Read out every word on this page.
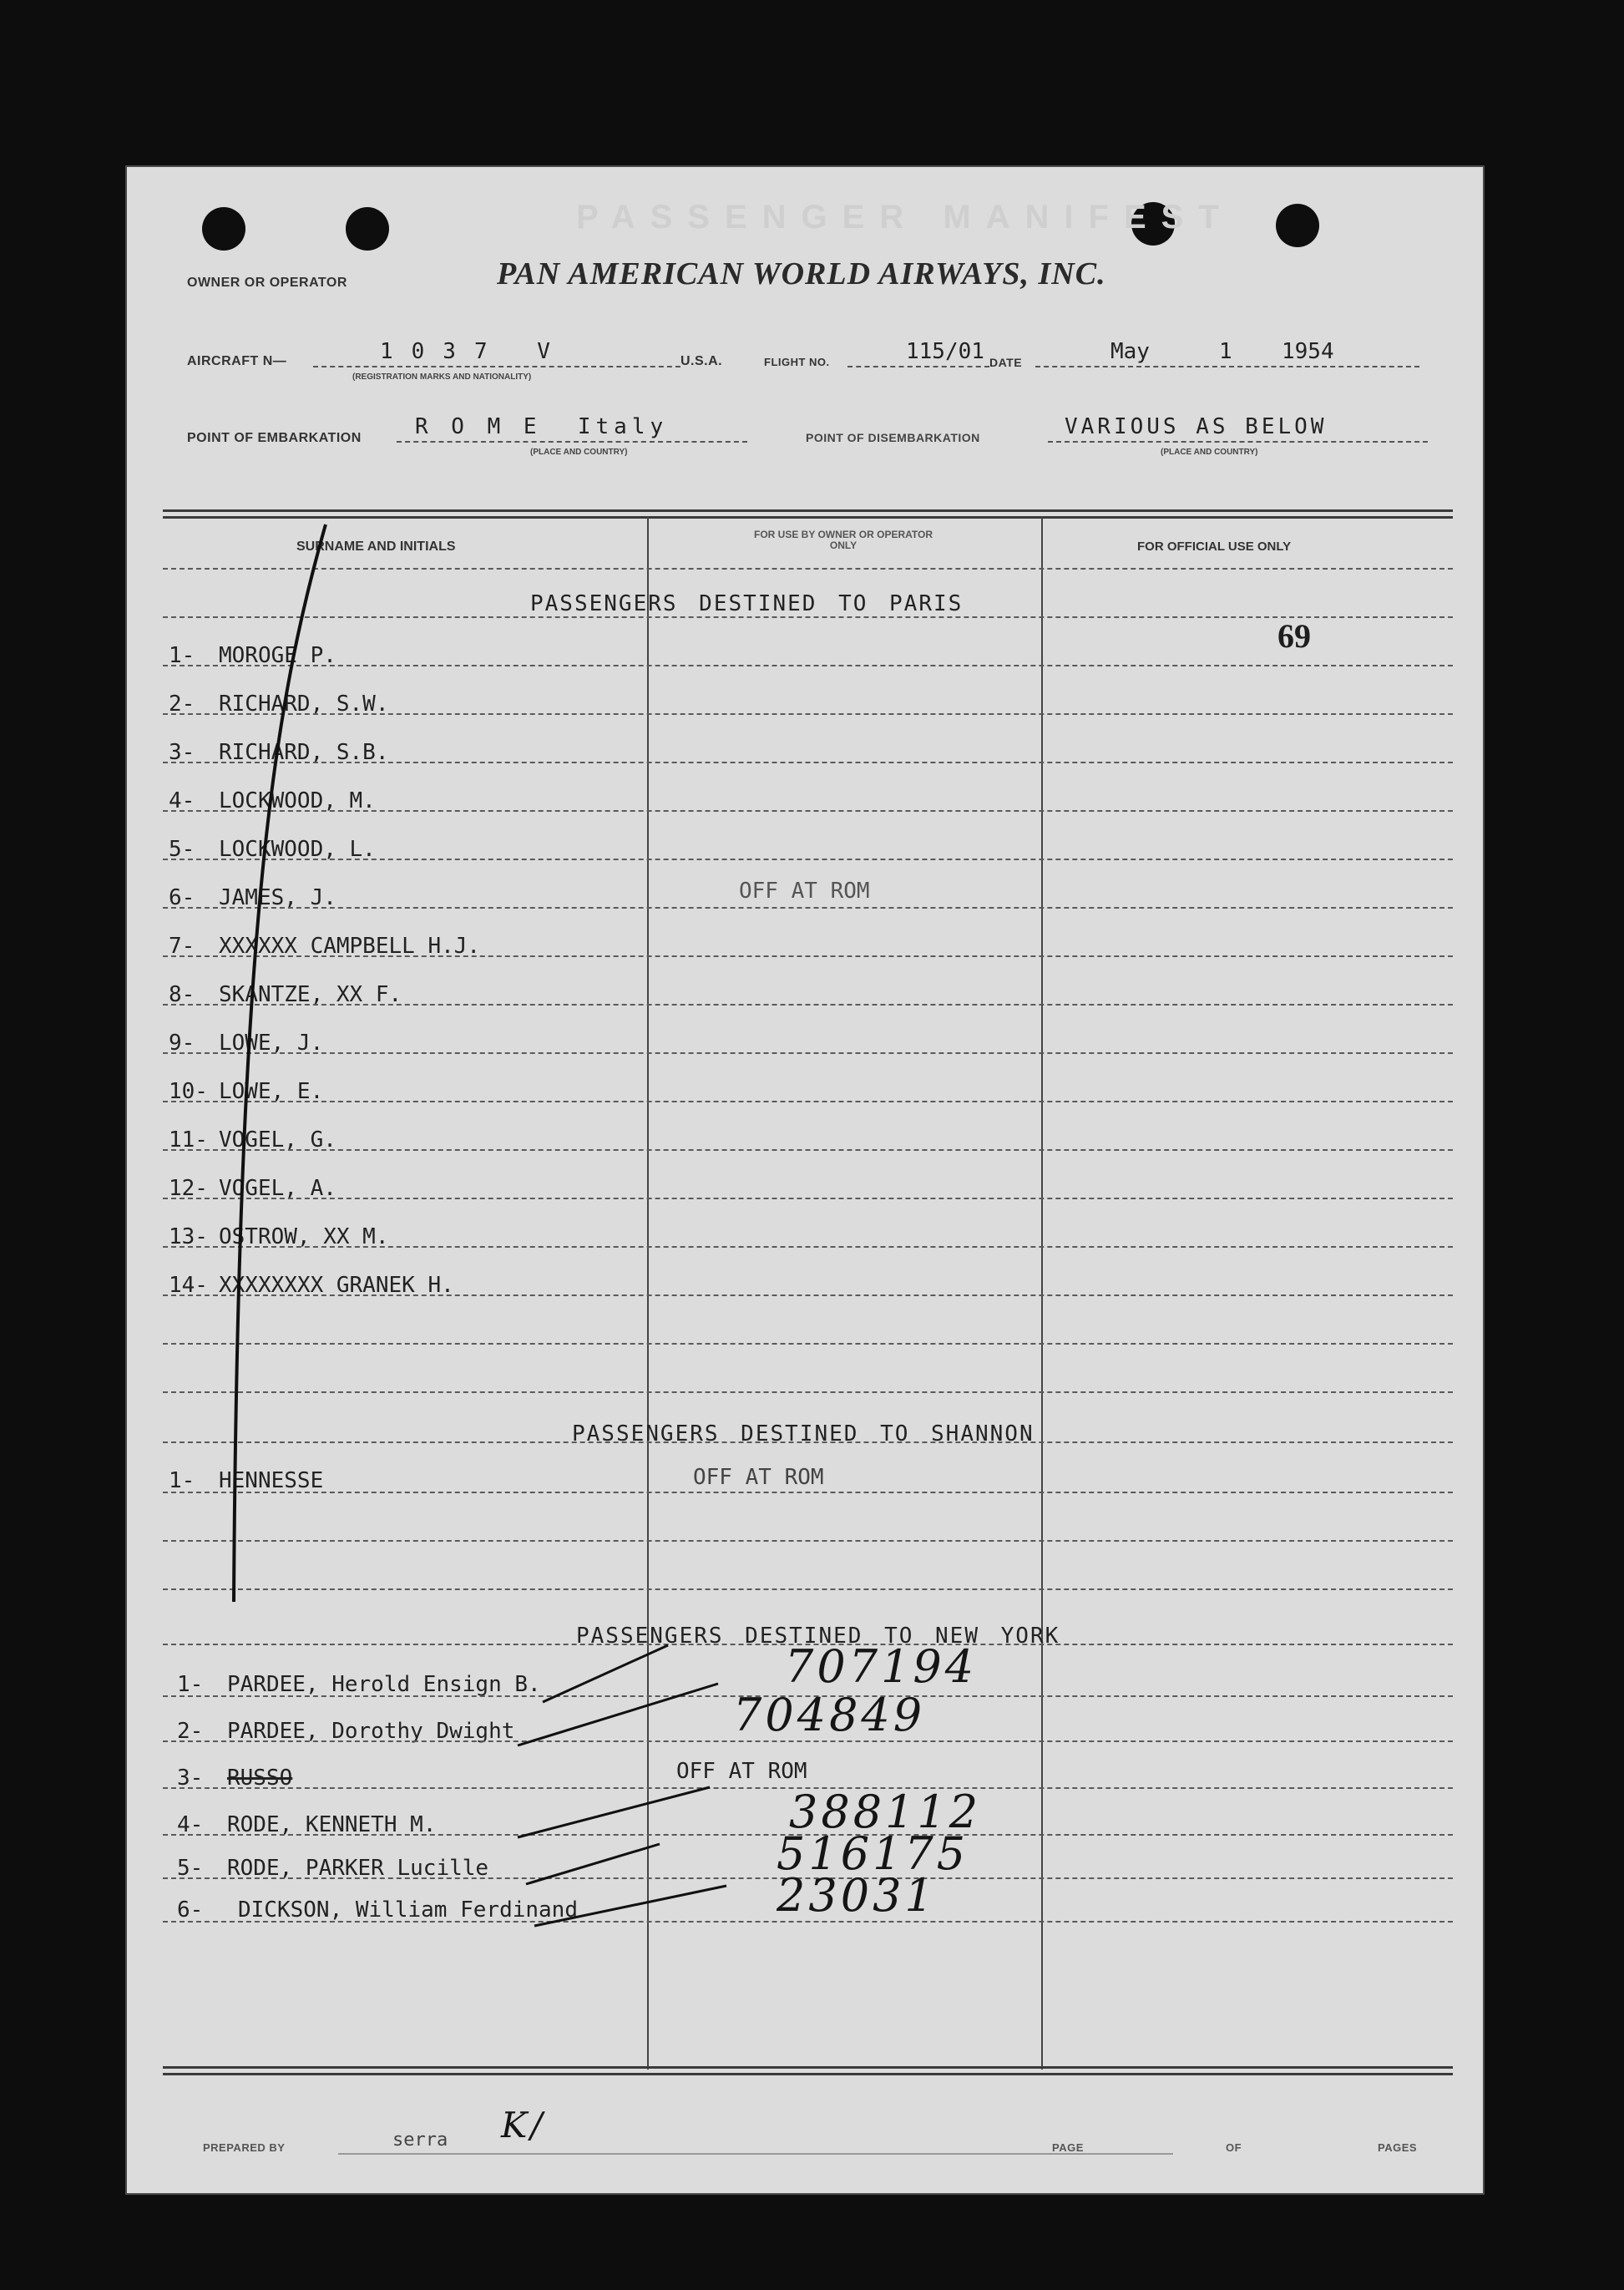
PASSENGER MANIFEST
OWNER OR OPERATOR	PAN AMERICAN WORLD AIRWAYS, INC.
AIRCRAFT N—	1037 V
(REGISTRATION MARKS AND NATIONALITY)
U.S.A.	FLIGHT NO.	115/01 DATE	May	1 1954
POINT OF EMBARKATION R O M E  Italy
(PLACE AND COUNTRY)
POINT OF DISEMBARKATION	VARIOUS AS BELOW
(PLACE AND COUNTRY)
SURNAME AND INITIALS
FOR USE BY OWNER OR OPERATOR ONLY	FOR OFFICIAL USE ONLY
PASSENGERS DESTINED TO PARIS
69
1- MOROGE P.
2- RICHARD, S.W.
3- RICHARD, S.B.
4- LOCKWOOD, M.
5- LOCKWOOD, L.
6- JAMES, J.	OFF AT ROM
7- XXXXXX CAMPBELL H.J.
8- SKANTZE, XX F.
9- LOWE, J.
10- LOWE, E.
11- VOGEL, G.
12- VOGEL, A.
13- OSTROW, XX M.
14- XXXXXXXX GRANEK H.
PASSENGERS DESTINED TO SHANNON
1- HENNESSE	OFF AT ROM
PASSENGERS DESTINED TO NEW YORK
1- PARDEE, Herold Ensign B.	707194
2- PARDEE, Dorothy Dwight	704849
3- RUSSO	OFF AT ROM
4- RODE, KENNETH M.	388112
5- RODE, PARKER Lucille	516175
6- DICKSON, William Ferdinand	23031
PREPARED BY	serra K/
PAGE	OF	PAGES
